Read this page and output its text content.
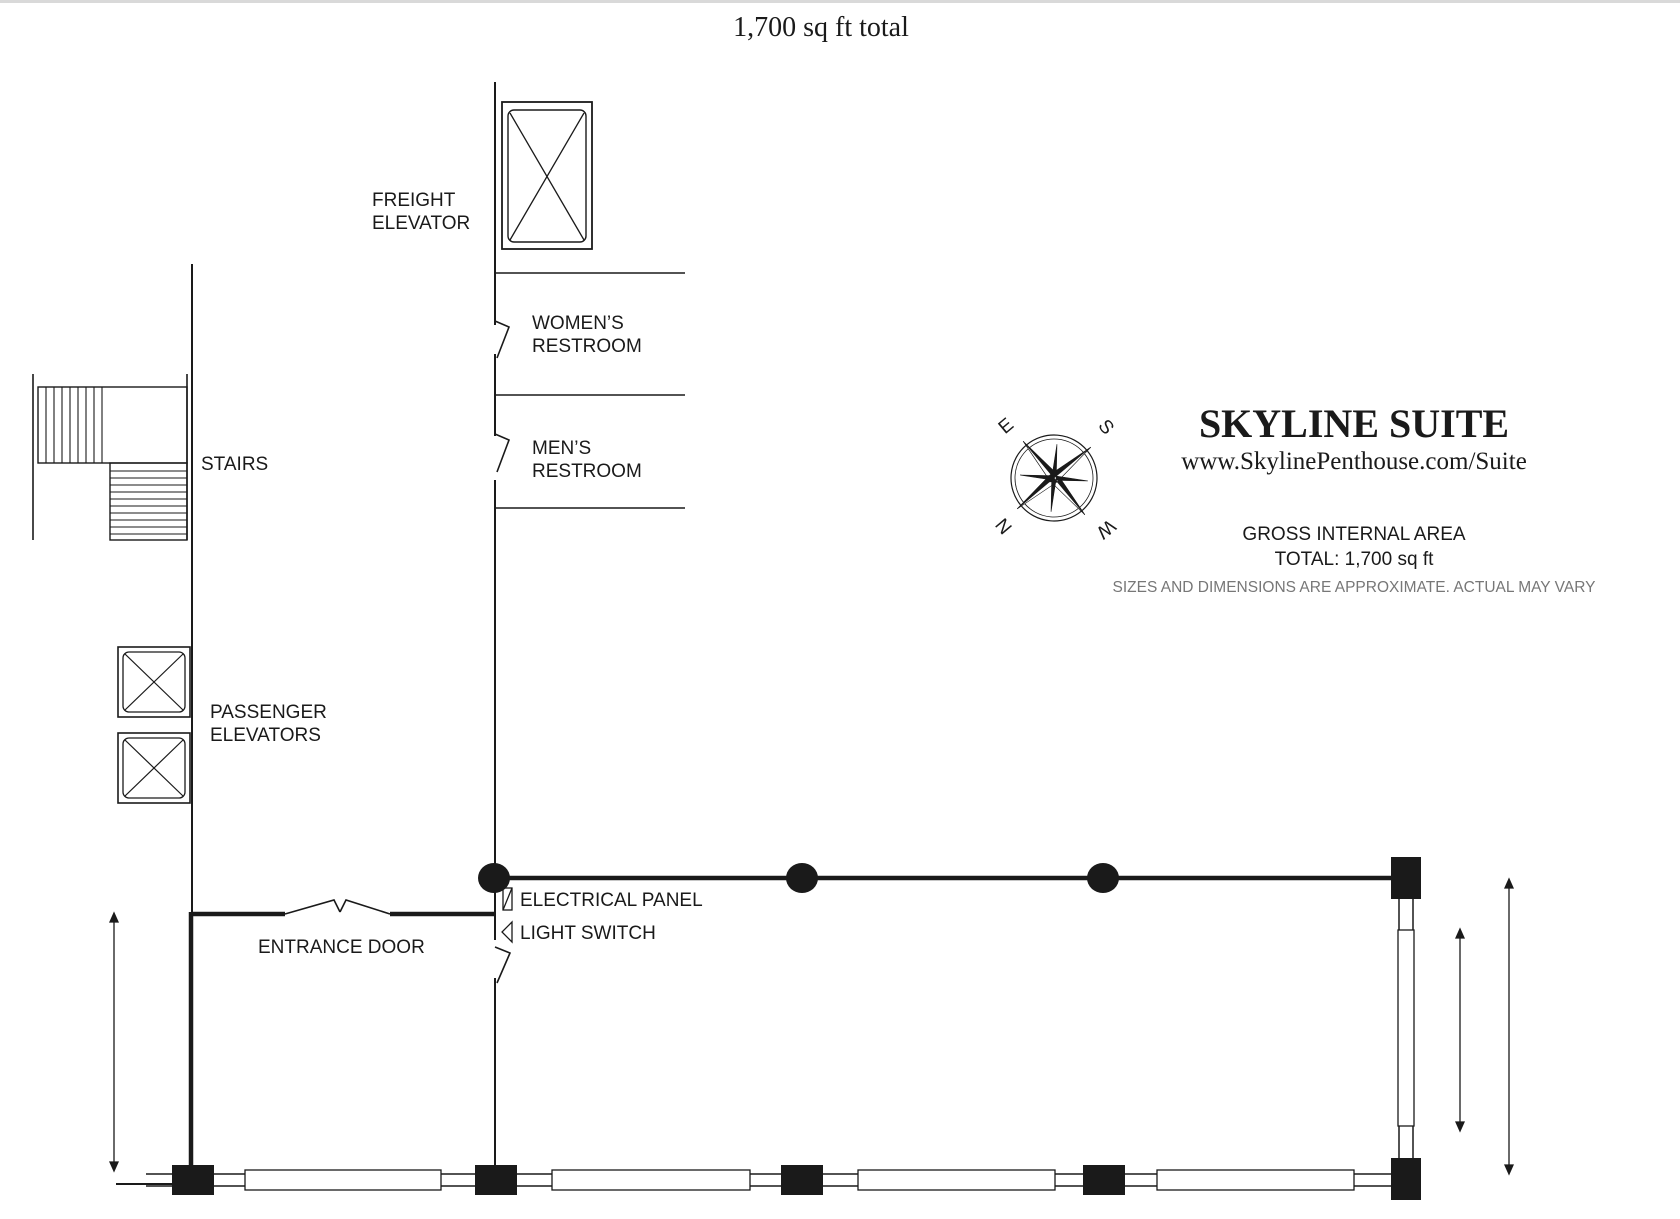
1,700 sq ft total
FREIGHT
ELEVATOR
WOMEN’S
RESTROOM
MEN’S
RESTROOM
STAIRS
PASSENGER
ELEVATORS
ENTRANCE DOOR
ELECTRICAL PANEL
LIGHT SWITCH
E	S
N	W
SKYLINE SUITE
www.SkylinePenthouse.com/Suite
GROSS INTERNAL AREA
TOTAL: 1,700 sq ft
SIZES AND DIMENSIONS ARE APPROXIMATE. ACTUAL MAY VARY
